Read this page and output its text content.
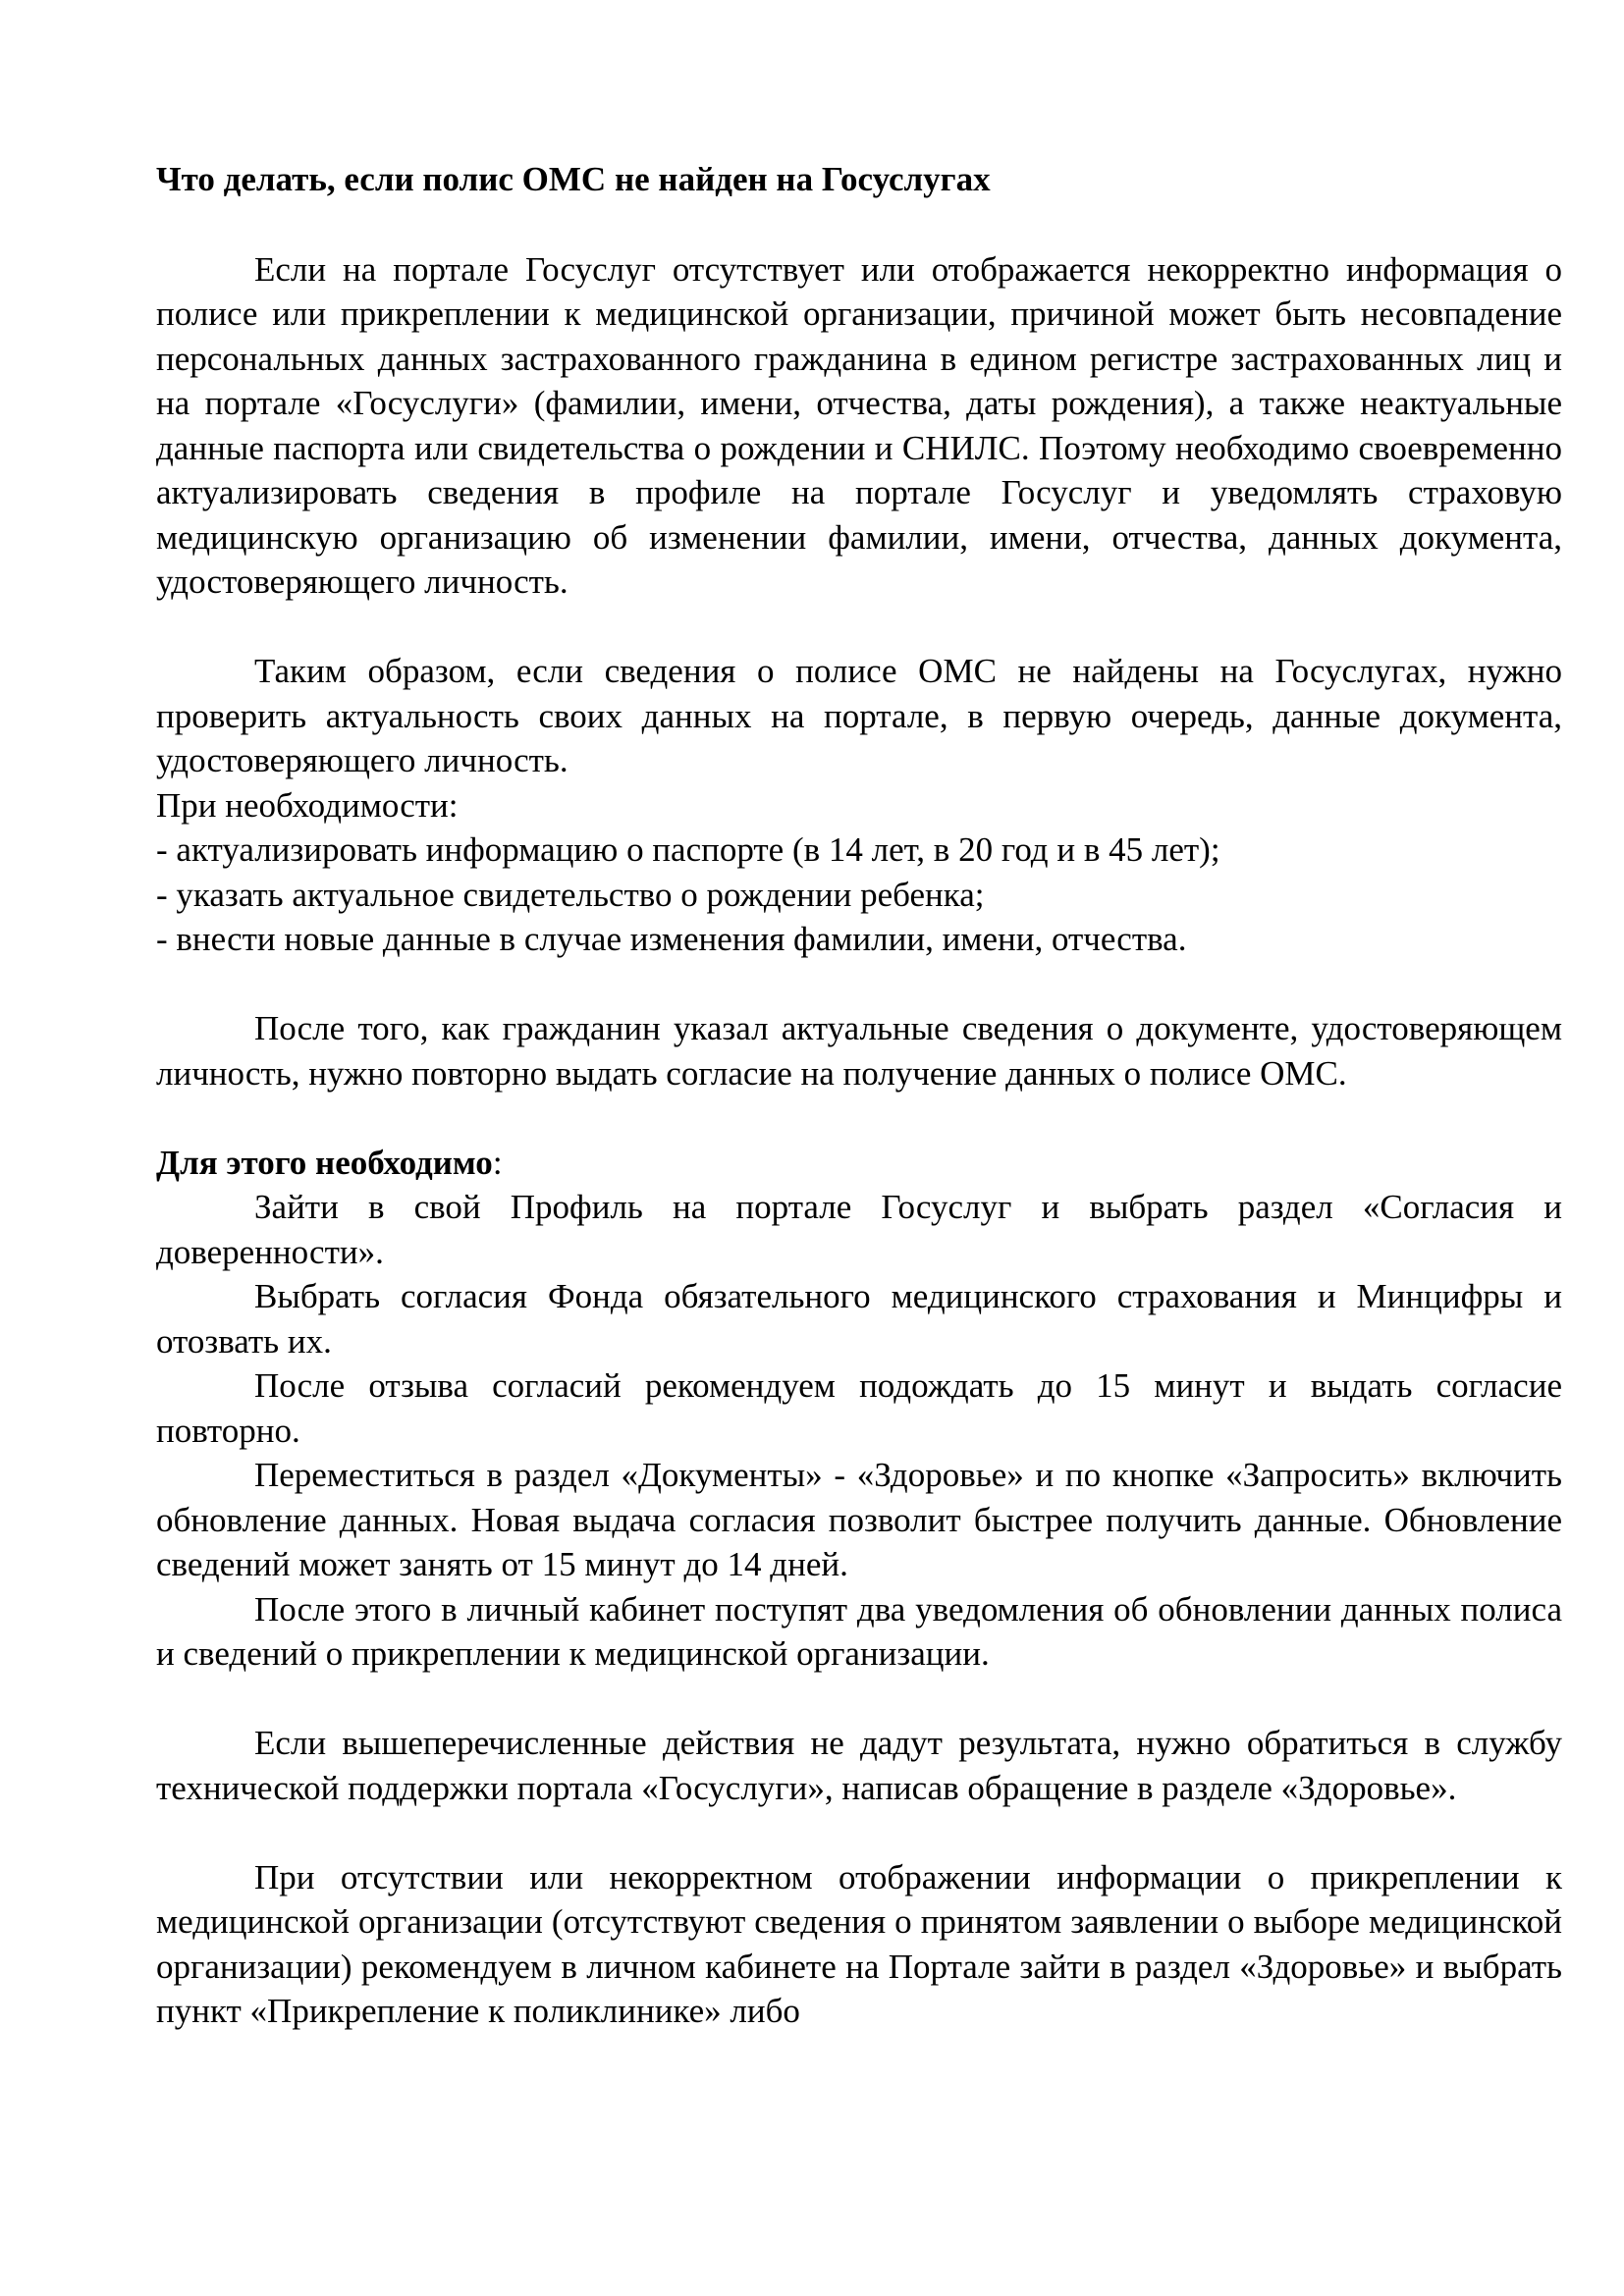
Что делать, если полис ОМС не найден на Госуслугах

Если на портале Госуслуг отсутствует или отображается некорректно информация о полисе или прикреплении к медицинской организации, причиной может быть несовпадение персональных данных застрахованного гражданина в едином регистре застрахованных лиц и на портале «Госуслуги» (фамилии, имени, отчества, даты рождения), а также неактуальные данные паспорта или свидетельства о рождении и СНИЛС. Поэтому необходимо своевременно актуализировать сведения в профиле на портале Госуслуг и уведомлять страховую медицинскую организацию об изменении фамилии, имени, отчества, данных документа, удостоверяющего личность.

Таким образом, если сведения о полисе ОМС не найдены на Госуслугах, нужно проверить актуальность своих данных на портале, в первую очередь, данные документа, удостоверяющего личность.

При необходимости:

- актуализировать информацию о паспорте (в 14 лет, в 20 год и в 45 лет);

- указать актуальное свидетельство о рождении ребенка;

- внести новые данные в случае изменения фамилии, имени, отчества.

После того, как гражданин указал актуальные сведения о документе, удостоверяющем личность, нужно повторно выдать согласие на получение данных о полисе ОМС.

Для этого необходимо:

Зайти в свой Профиль на портале Госуслуг и выбрать раздел «Согласия и доверенности».

Выбрать согласия Фонда обязательного медицинского страхования и Минцифры и отозвать их.

После отзыва согласий рекомендуем подождать до 15 минут и выдать согласие повторно.

Переместиться в раздел «Документы» - «Здоровье» и по кнопке «Запросить» включить обновление данных. Новая выдача согласия позволит быстрее получить данные. Обновление сведений может занять от 15 минут до 14 дней.

После этого в личный кабинет поступят два уведомления об обновлении данных полиса и сведений о прикреплении к медицинской организации.

Если вышеперечисленные действия не дадут результата, нужно обратиться в службу технической поддержки портала «Госуслуги», написав обращение в разделе «Здоровье».

При отсутствии или некорректном отображении информации о прикреплении к медицинской организации (отсутствуют сведения о принятом заявлении о выборе медицинской организации) рекомендуем в личном кабинете на Портале зайти в раздел «Здоровье» и выбрать пункт «Прикрепление к поликлинике» либо
